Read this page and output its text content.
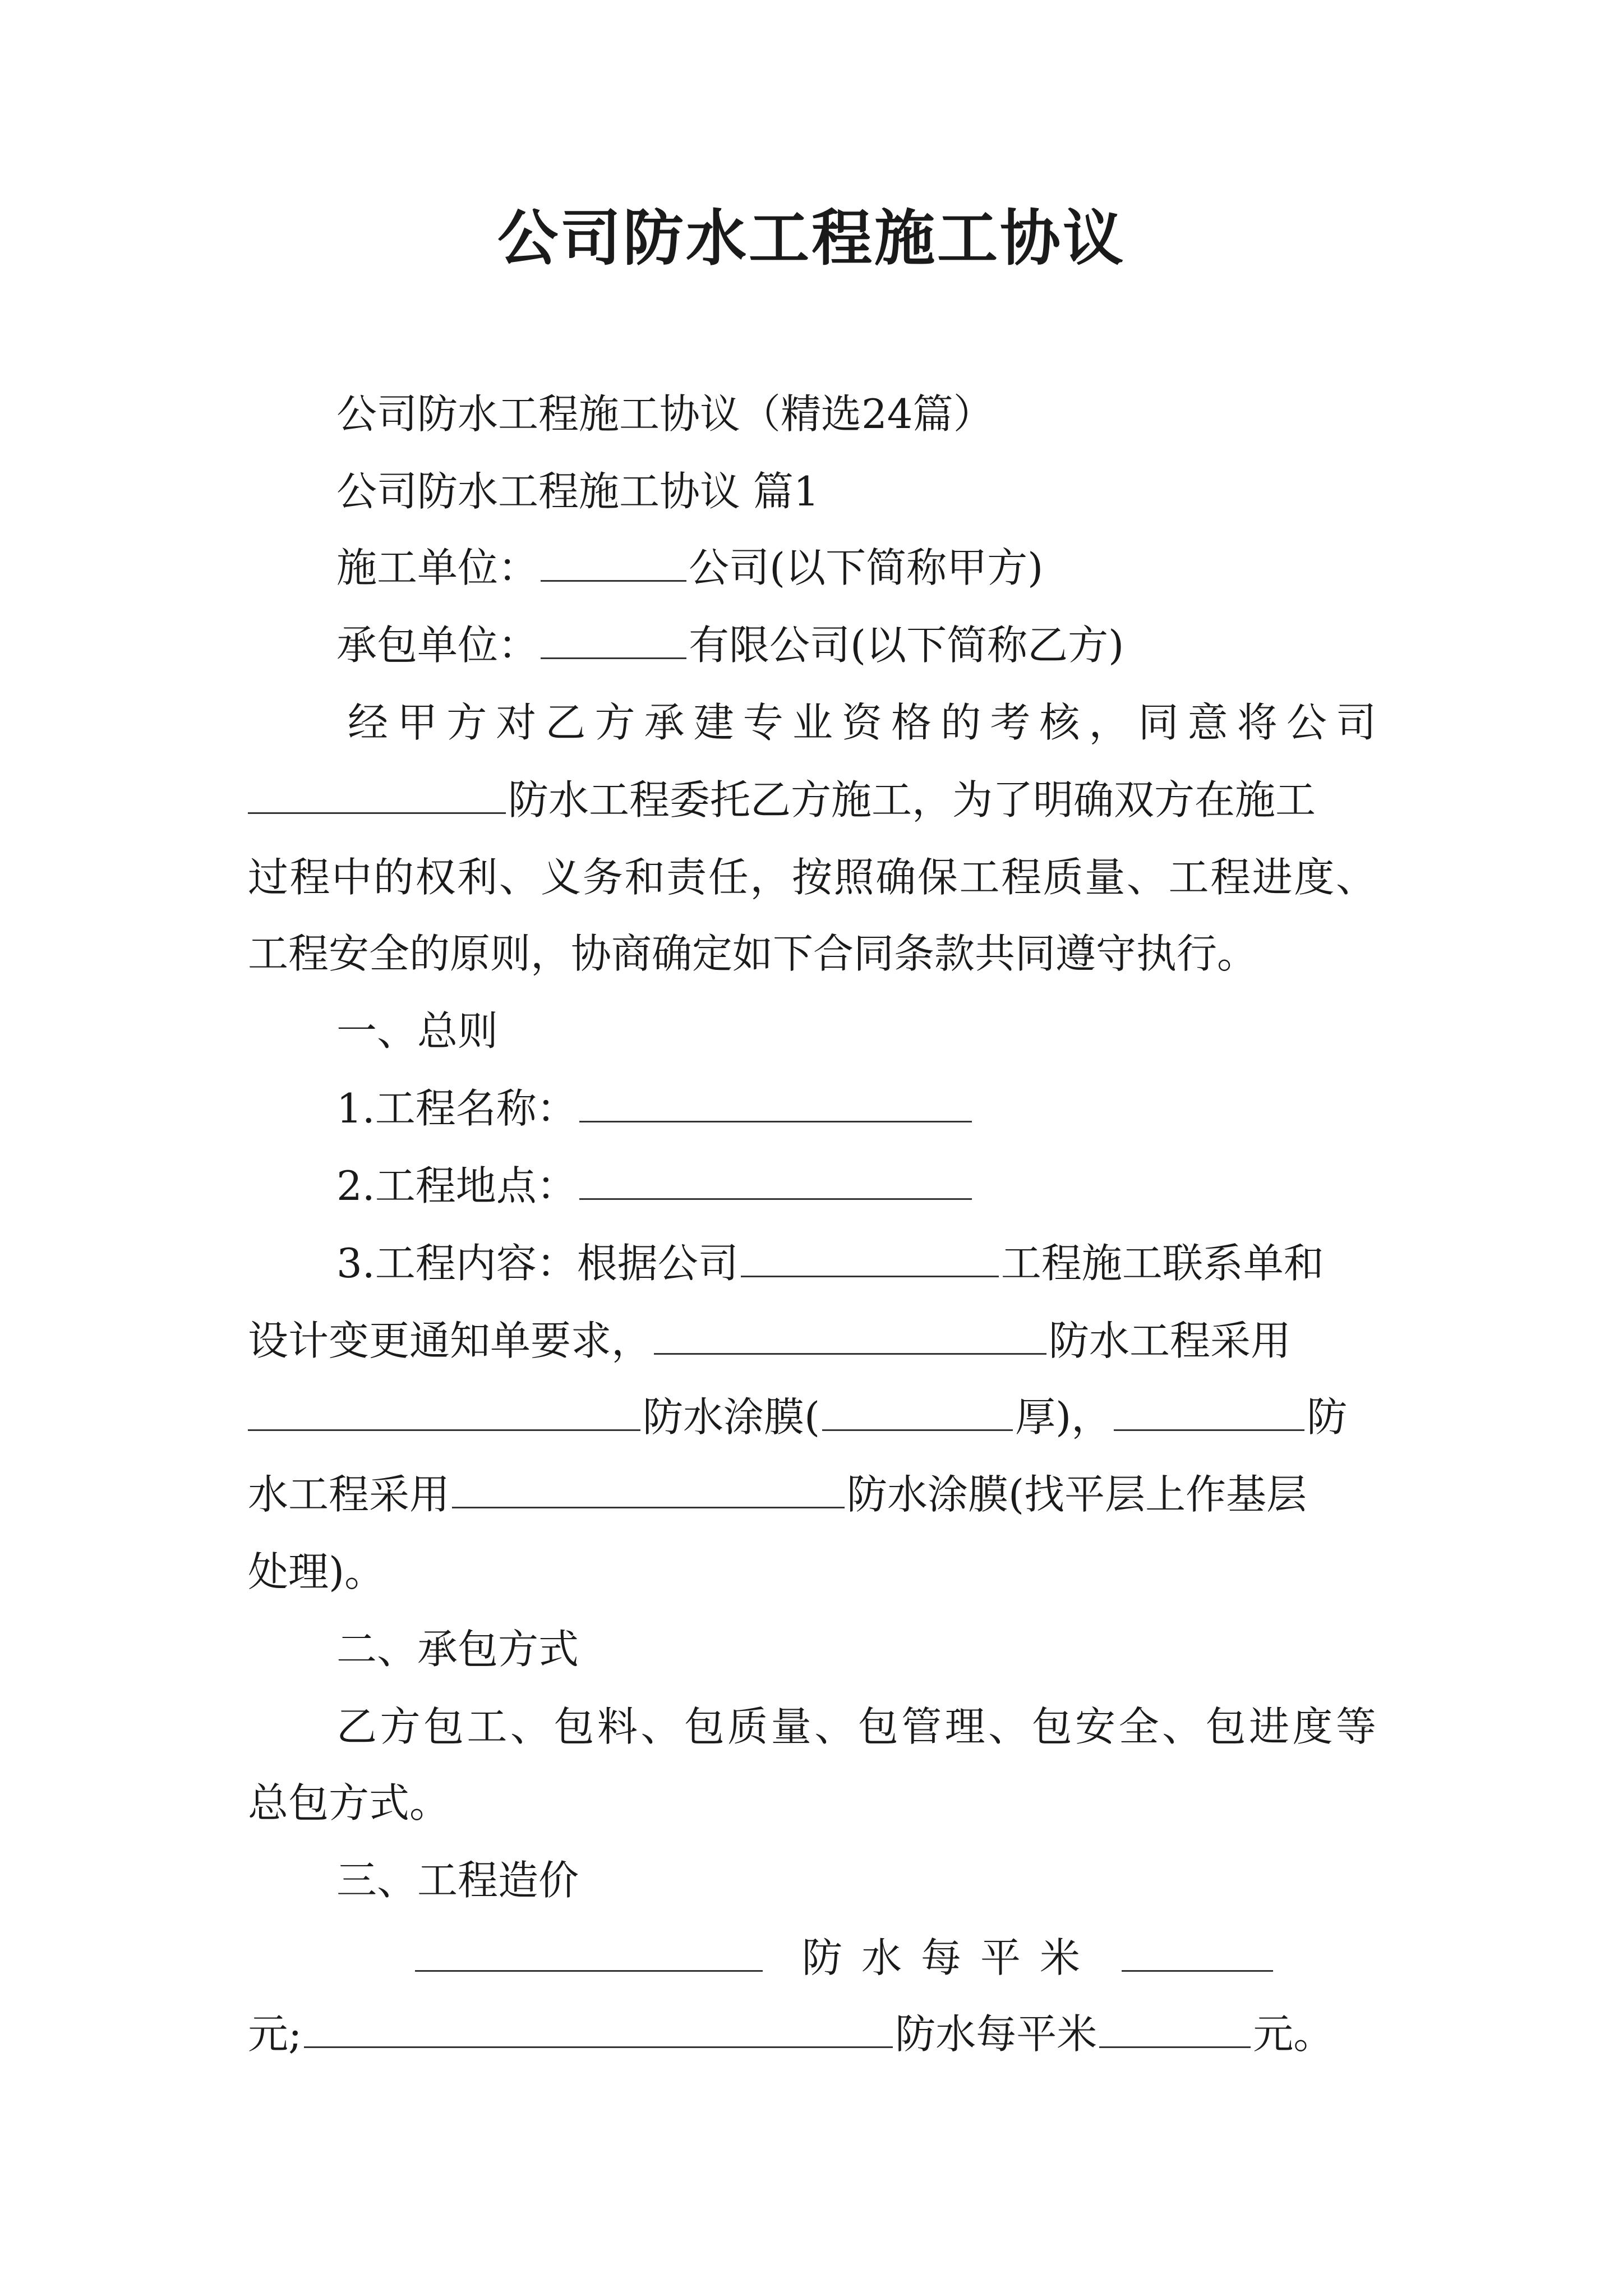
公司防水工程施工协议

公司防水工程施工协议（精选24篇）

公司防水工程施工协议 篇1

施工单位：	公司(以下简称甲方)

承包单位：	有限公司(以下简称乙方)

经甲方对乙方承建专业资格的考核，同意将公司

防水工程委托乙方施工，为了明确双方在施工

过程中的权利、义务和责任，按照确保工程质量、工程进度、

工程安全的原则，协商确定如下合同条款共同遵守执行。

一、总则

1.工程名称：

2.工程地点：

3.工程内容：根据公司	工程施工联系单和

设计变更通知单要求，	防水工程采用

防水涂膜(	厚)，	防

水工程采用	防水涂膜(找平层上作基层

处理)。

二、承包方式

乙方包工、包料、包质量、包管理、包安全、包进度等

总包方式。

三、工程造价

防水每平米

元;	防水每平米	元。
